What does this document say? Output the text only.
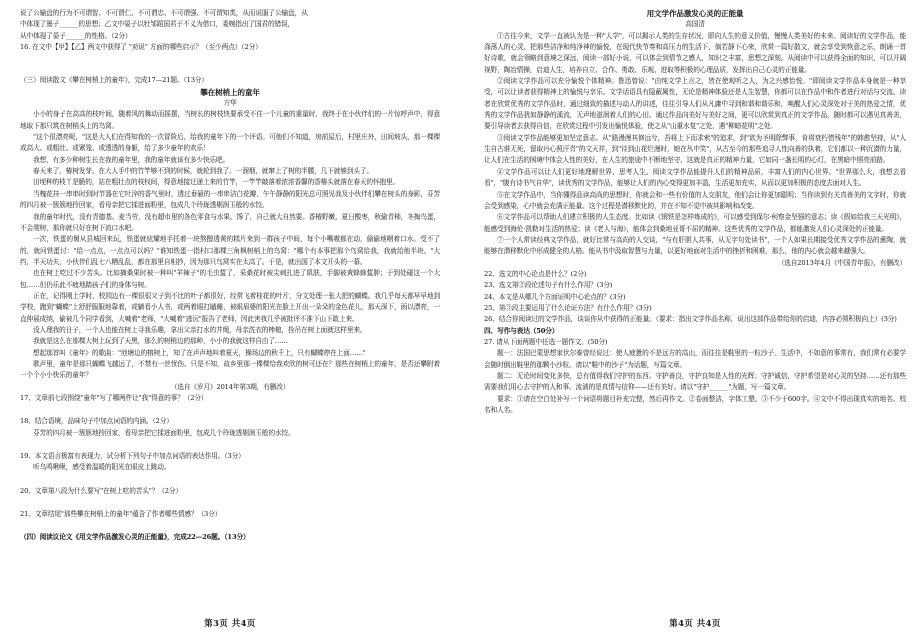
说了公输盘的行为不可谓智、不可谓仁、不可谓忠、不可谓强、不可谓知类，从而说服了公输盘，从

中体现了墨子______的思想；乙文中晏子以牡邹蹈国君于不义为借口，委婉指出了国君的错误，

从中体现了晏子______的性格。（2分）

16. 在文中【甲】【乙】两文中获得了 "劝说" 方面的哪些启示？（至少两点）（2分）

（三）阅读散文《攀在树梢上的童年》，完成17—21题。（13分）

攀在树梢上的童年

方华

小小的身子在高高的枝叶间，随着风的舞动而摇摆，当树长的树枝快要承受不住一个儿童的重量时，我终于在小伙伴们的一片惊呼声中，得意地取下那只筑在树梢头上的鸟窝。

"这个很漂亮呢，"这是大人们在得知我的一次冒险后，给我的童年下的一个评语。可他们不知道，房前屋后，村里庄外，田间坡头，那一棵棵或高大、或粗壮、或紧笼、或透透的身躯，给了多少童年的欢乐！

我想，有多少种树生长在我的童年里，我的童年就该有多少快乐吧。

春天来了，椿树发芽。在大人手中的竹竿够不到的时候，就轮到我了。一溜烟，就窜上了树的半腰，几下就够到头了。

田埂种的枝丫是脆的，站在粗壮点的枝杈间，得意地接过递上来的竹竿，一竿竿敲落着浓浓香馨的香椿头就落在春天的怀抱里。

当槐花挂一串串时到时节器在它吐淬的香气里时，透过垂悬的一串串洁白花瓣，午午静静的阳光总可照见我及小伙伴们攀在树头的身影，芬芳的四月被一簇簇地拎回家，看母亲把它揉进面粉里，包成几个玲珑透剔润玉般的水饺。

我的童年时代，没有青德基、麦当劳，没有超市里的各色零食与水果。馋了，自己就大自然要。香椿野嫩，夏日酸枣，秋偷青柿，冬掏鸟蛋，不会爬树，那你就只好在树下流口水吧。

一次，铁蛋的舅从县城回来玩，铁蛋就炫耀地手托着一块熬醇透黄的糕片来到一群孩子中间，每个小嘴嗷都在动，偷偷地咽着口水。受不了的，就问铁蛋讨："给一点点，一点点可以吗？"谁知铁蛋一指村口那棵三角枫树梢上的鸟窝："哪个有本事把那个鸟窝给我，我就给他半块。"大约，半天功夫，小伙伴们乱七八糟乱乱，都在那里自相抄，因为那只鸟窝实在太高了。于是，就出国了本文开头的一幕。

也在树上吃过不少苦头。比如摘桑果时被一种叫"羊辣子"的毛虫蜇了，采桑花时被尖刺扎进了肌肤，手脚被黄蜂蜂蜇肿；于到处碰这一个大包……但仍乐此不疲地踏孩子们的身体与树。

正在，记得刚上学时，校园边有一棵很很父子到不比的叶子都很好，经常飞着桂花的叶片，分文处理一张大把的蝴蝶。我几乎每天都早早地到学校，跑到"蝴蝶"上舒舒服服地靠着，或躺看小人书，或两着眼打瞌睡，被眼眉婆的阳光在脸上开出一朵朵的金色花儿，那天深下，雨以漂亮，一直伸展成纳，偷被几个同学看到，大喊着"老师，"大喊着"逃沅"报告了老师，因此害我几乎被批评不准下山下敢上来。

没人理我的日子，一个人也能在树上寻我乐趣，拿出父亲打水的井绳，母亲洗衣的棒槌，拴吊在树上面就这样里来。

我就是这么在那棵大树上玩到了天黑，那么的树梢边的那种，小小的我就这样自由了……

想起那首叫《童年》的歌曲："池塘边的榕树上，知了在声声地叫着夏天，操场边的秋千上，只有蝴蝶停在上面……"

歌声里，童年是那只蝴蝶飞越远了，不禁有一丝忧伤。只是不知，故乡里那一棵棵恰我欢欣的树可还在？那些在树梢上的童年，是否还攀附着一个个小小快乐的童年？

（选自《岁月》2014年第3期，有删改）

17、文章前七段围绕"童年"写了哪两件让"我"得意的事？（2分）

18、结合语境，品味句子中加点词语的内涵。（2分）

芬芳的四月被一簇簇地拎回家，看母亲把它揉进面粉里，包成几个玲珑透剔润玉般的水饺。

19、本文语言极富有表现力，试分析下列句子中加点词语的表达作用。（3分）

听乌鸣啾啾，感受着温暖的阳光在眼皮上跳动。

20、文章第八段为什么要写"在树上吃的苦头"？（2分）

21、文章结尾"那些攀在树梢上的童年"蕴含了作者哪些情感？（3分）

（四）阅读议论文《用文学作品激发心灵的正能量》，完成22—26题。（13分）

第3页 共4页

用文学作品激发心灵的正能量

高国清

①古往今来，文学一直被认为是一种"人学"，可以揭示人类的生存状况，即向人生的意义价值，慢慢人类美好的未来。阅读好的文学作品，能涤荡人的心灵，把那些洁净和纯净神的愉悦，在现代快节奏和高压力的生活下，倘若静下心来，欣赏一篇好散文，就会享受到恢意之乐，朗诵一首好诗歌，就会领略到意境之深远，阅读一部好小说，可以体会到情节之感人，知识之丰富，思想之深刻。从阅读中可以获得全面的知识，可以开阔视野，陶冶情操，启迪人生，培养自立、合作、勇敢、乐观、进取等积极的心理品质，发挥出自己心灵的正能量。

②阅读文学作品可以充分愉悦个体精神。鲁迅曾说："由纯文学上言之，皆在使观听之人，为之兴感怡悦。"即阅读文学作品本身就是一种享受，可以让读者获得精神上的愉悦与享乐。文学话语具有隐蔽属性，无论是精神体验还是人生智慧，你都可以在作品中和作者进行对话与交流。读者在欣赏优秀的文学作品时，通过细致的描述与动人的讲述，往往引导人们从凡庸中寻到和谐和谐乐和，唤醒人们心灵深处对于美的热爱之情，优秀的文学作品犹如静静的溪流，无声地滋润着人们的心田。通过作品向美好与美好之间，更可以欣赏到真正的文学作品，随时都可以遇见真善美，要引导读者去获得自信，在欣赏过程中引发出愉悦体验，使之从"山重水复"之处，遇"柳暗花明"之处。

③阅读文学作品能够更加坚定意志。从"路漫漫其修远兮，吾将上下而求索"的追求，到"欲为圣明除弊事，肯将衰朽惜残年"的韩愈坚持，从"人生自古谁无死，留取丹心照汗青"的文天祥，到"待到山花烂漫时，她在丛中笑"，从古至今的那些追寻人性向善的执着，它们都以一种沉潜的力量，让人们在生活的困境中体会人性的美好，在人生的旅途中不断地坚守，这就是真正的精神力量，它如同一盏长明的心灯，在黑暗中照亮前路。

④文学作品可以让人们更好地理解世界、思考人生。阅读文学作品能提升人们的精神品质，丰富人们的内心世界。"世界那么大，我想去看看"，"腹有诗书气自华"，读优秀的文学作品，能够让人们的内心变得更加丰盈，生活更加充实，从而以更加积极的态度去面对人生。

⑤在文学作品中，当你懂得品读高尚的思想时，你就会和一些有价值的人交朋友，他们会让你更加聪明；当你读到有关真善美的文字时，你就会受到感染，心中就会充满正能量。这个过程是潜移默化的，并在不知不觉中被其影响和改变。

⑥文学作品可以帮助人们建立积极的人生态度。比如读《钢铁是怎样炼成的》，可以感受到保尔·柯察金坚强的意志；读《假如给我三天光明》，能感受到海伦·凯勒对生活的热爱；读《老人与海》，能体会到桑地亚哥不屈的精神。这些优秀的文学作品，都能激发人们心灵深处的正能量。

⑦一个人常读经典文学作品，就好比常与高尚的人交谈，"与有肝胆人共事，从无字句处读书"，一个人如果长期接受优秀文学作品的熏陶，就能够在潜移默化中形成健全的人格。能从书中汲取智慧与力量，以更好地面对生活中的挫折和困难，那么，他的内心就会越来越强大。

（选自2013年4月《中国青年报》，有删改）

22、选文的中心论点是什么？(2分)

23、选文第②段论述句子有什么作用？(3分)

24、本文是从哪几个方面证明中心论点的？(3分)

25、第③段主要运用了什么论证方法？有什么作用？(3分)

26、结合你阅读过的文学作品，谈谈你从中获得的正能量。（要求：指出文学作品名称，说出这部作品带给你的启迪，内容必须积极向上）(3分)

四、写作与表达（50分）

27. 请从下面两题中任选一题作文。(50分)

题一：法国巴蒙思想家伏尔泰曾经说过：使人疲惫的不是远方的高山，而往往是鞋里的一粒沙子。生活中，不如意的事常有，我们常有必要学会随时倒出鞋里的那颗小沙粒。请以"鞋中的沙子"为话题，写篇文章。

题二：无论时间变化多快，总有值得我们守护的东西。守护善良，守护良知是人性的光辉；守护诚信，守护希望是对心灵的坚持……还有那些需要我们用心去守护的人和事。流淌的是真情与信仰——还有美好。请以"守护______"为题，写一篇文章。

要求：①请在空白处补写一个词语将题目补充完整，然后再作文。②卷面整洁，字体工整。③不少于600字。④文中不得出现真实的地名、校名和人名。

第4页 共4页
